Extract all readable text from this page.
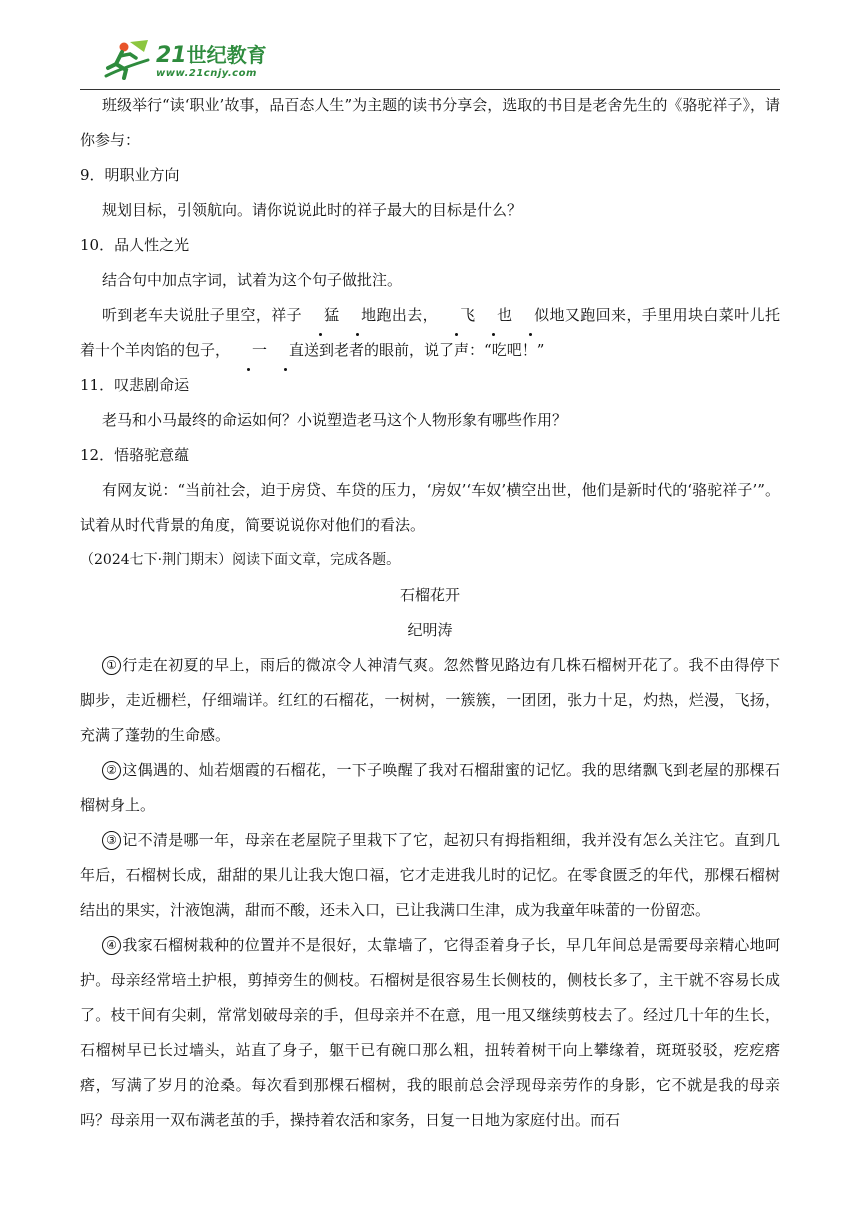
21世纪教育
www.21cnjy.com

班级举行“读‘职业’故事，品百态人生”为主题的读书分享会，选取的书目是老舍先生的《骆驼祥子》，请你参与：

9．明职业方向

规划目标，引领航向。请你说说此时的祥子最大的目标是什么？

10．品人性之光

结合句中加点字词，试着为这个句子做批注。

听到老车夫说肚子里空，祥子 猛 地跑出去， 飞 也 似地又跑回来，手里用块白菜叶儿托着十个羊肉馅的包子， 一 直送到老者的眼前，说了声：“吃吧！”

11．叹悲剧命运

老马和小马最终的命运如何？小说塑造老马这个人物形象有哪些作用？

12．悟骆驼意蕴

有网友说：“当前社会，迫于房贷、车贷的压力，‘房奴’‘车奴’横空出世，他们是新时代的‘骆驼祥子’”。试着从时代背景的角度，简要说说你对他们的看法。

（2024七下·荆门期末）阅读下面文章，完成各题。

石榴花开

纪明涛

① 行走在初夏的早上，雨后的微凉令人神清气爽。忽然瞥见路边有几株石榴树开花了。我不由得停下脚步，走近栅栏，仔细端详。红红的石榴花，一树树，一簇簇，一团团，张力十足，灼热，烂漫，飞扬，充满了蓬勃的生命感。

② 这偶遇的、灿若烟霞的石榴花，一下子唤醒了我对石榴甜蜜的记忆。我的思绪飘飞到老屋的那棵石榴树身上。

③ 记不清是哪一年，母亲在老屋院子里栽下了它，起初只有拇指粗细，我并没有怎么关注它。直到几年后，石榴树长成，甜甜的果儿让我大饱口福，它才走进我儿时的记忆。在零食匮乏的年代，那棵石榴树结出的果实，汁液饱满，甜而不酸，还未入口，已让我满口生津，成为我童年味蕾的一份留恋。

④ 我家石榴树栽种的位置并不是很好，太靠墙了，它得歪着身子长，早几年间总是需要母亲精心地呵护。母亲经常培土护根，剪掉旁生的侧枝。石榴树是很容易生长侧枝的，侧枝长多了，主干就不容易长成了。枝干间有尖刺，常常划破母亲的手，但母亲并不在意，甩一甩又继续剪枝去了。经过几十年的生长，石榴树早已长过墙头，站直了身子，躯干已有碗口那么粗，扭转着树干向上攀缘着，斑斑驳驳，疙疙瘩瘩，写满了岁月的沧桑。每次看到那棵石榴树，我的眼前总会浮现母亲劳作的身影，它不就是我的母亲吗？母亲用一双布满老茧的手，操持着农活和家务，日复一日地为家庭付出。而石
